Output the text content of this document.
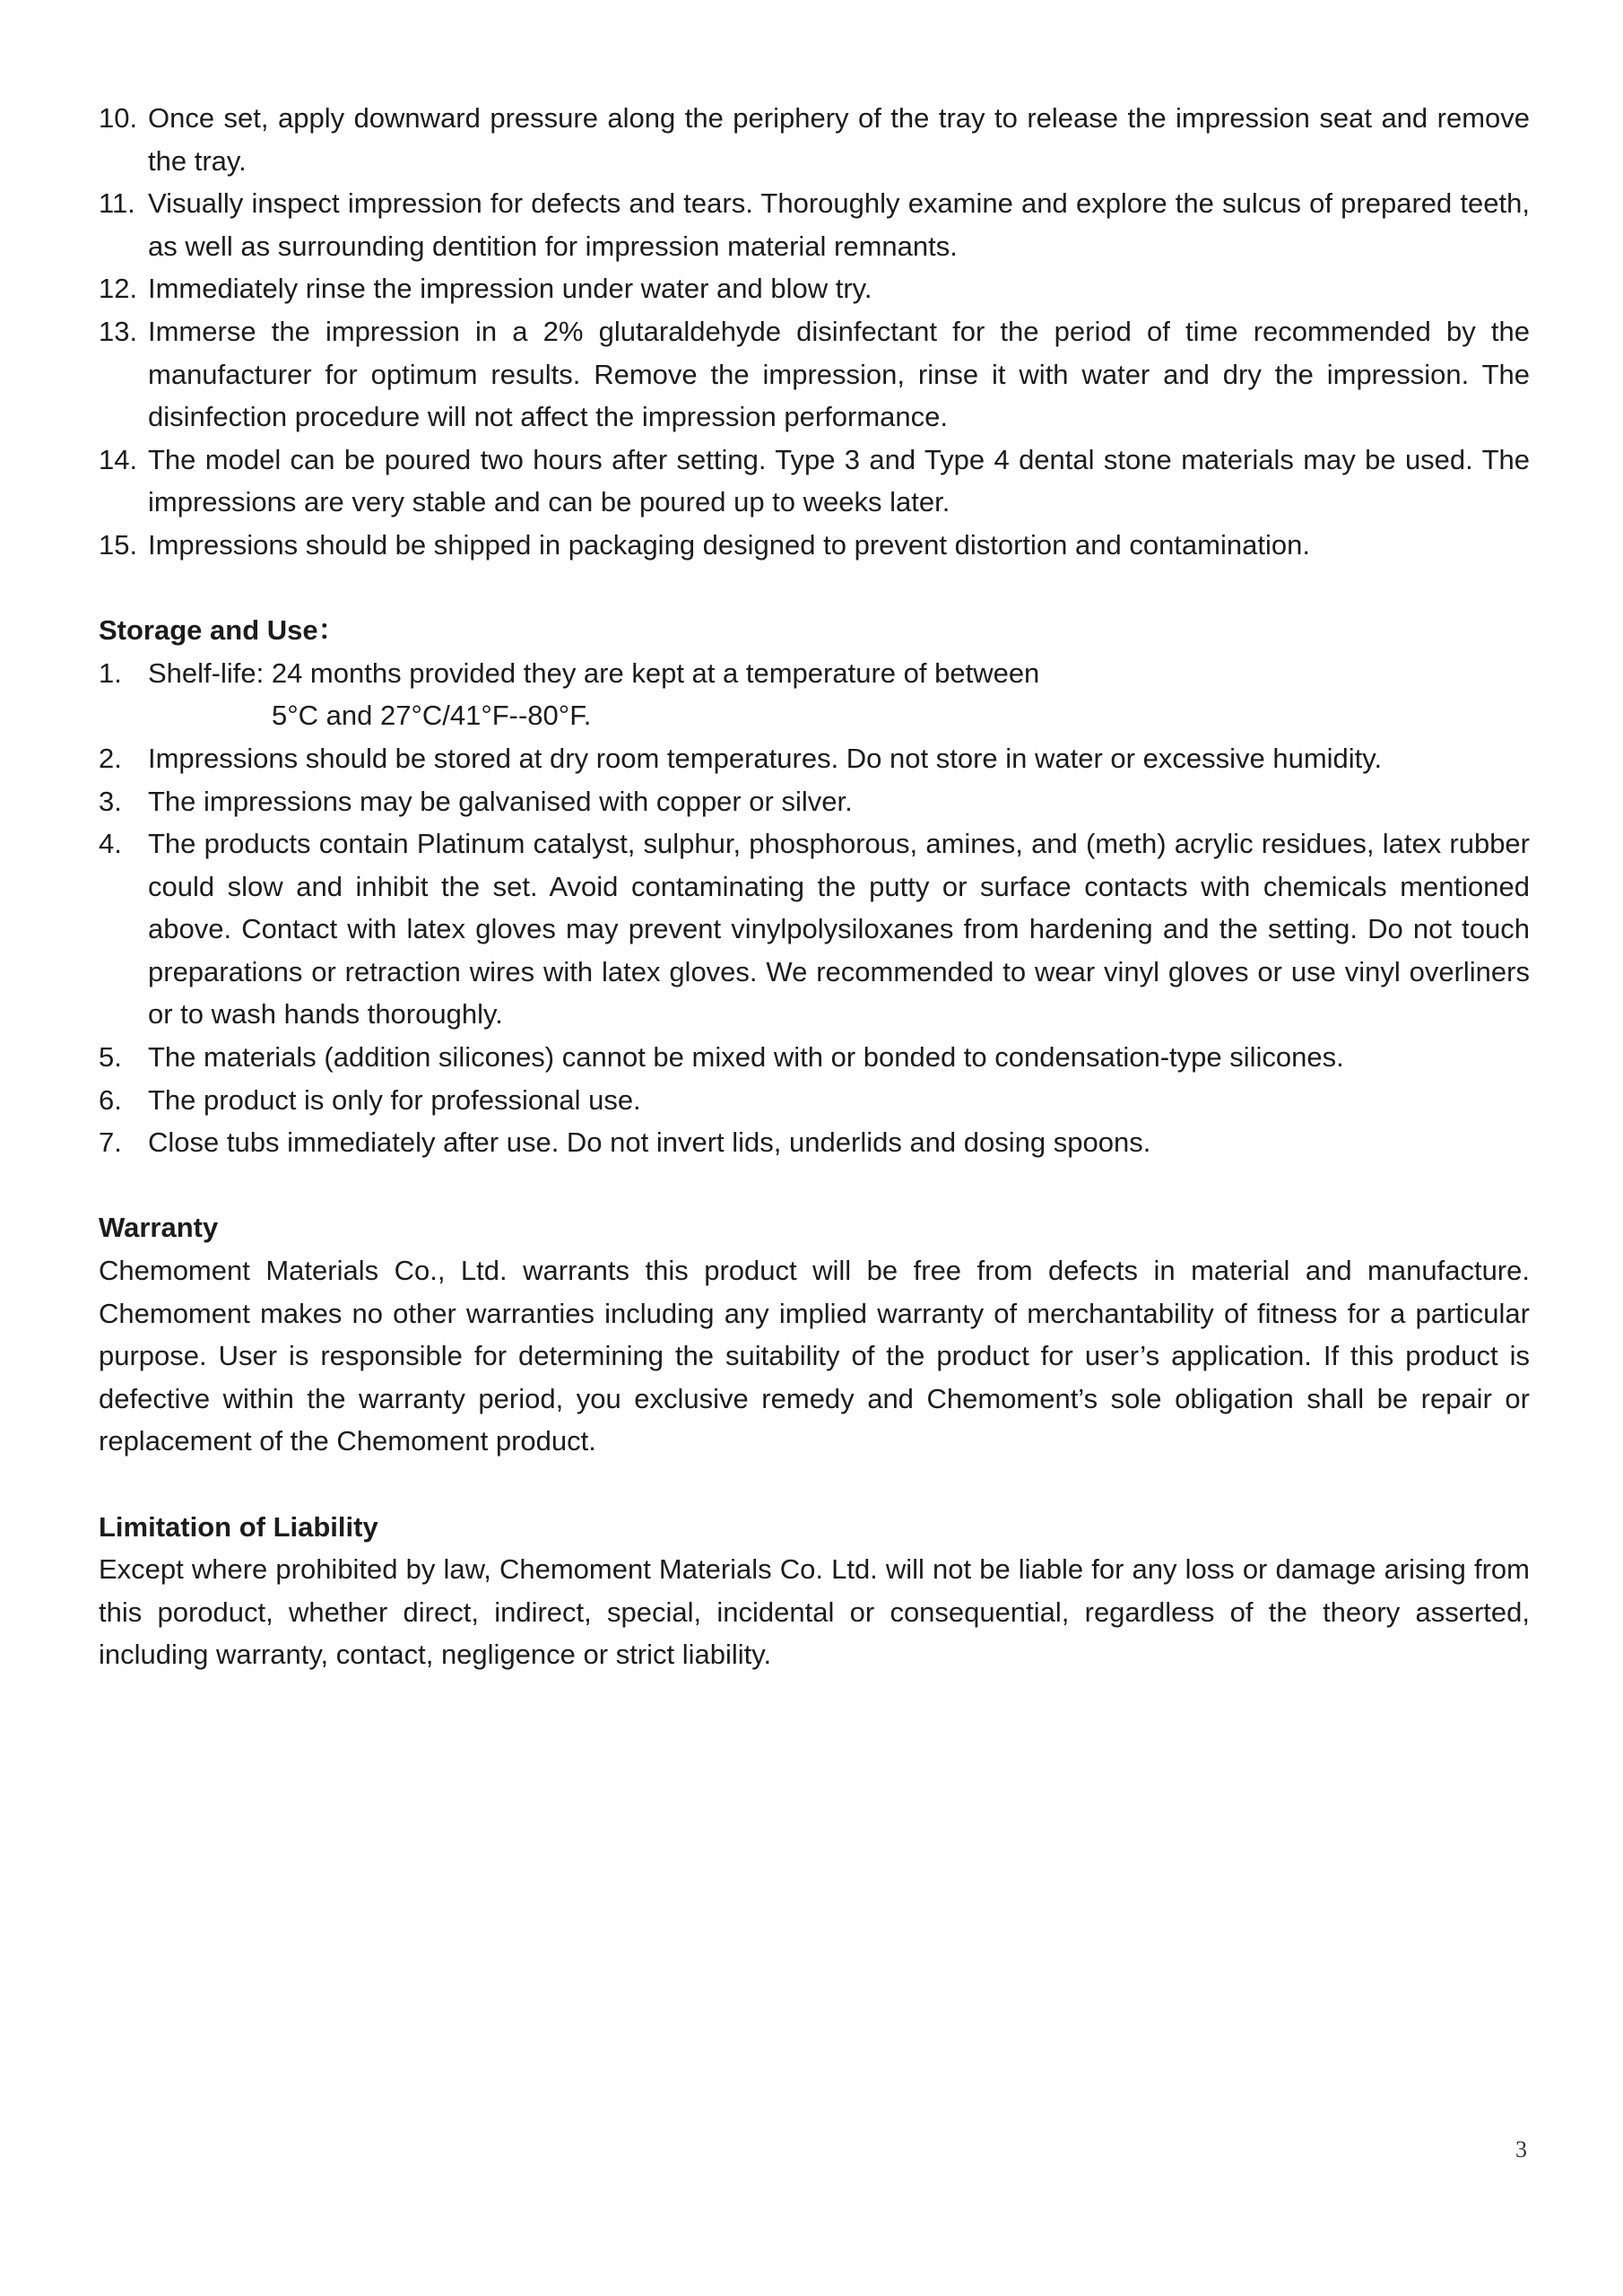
10. Once set, apply downward pressure along the periphery of the tray to release the impression seat and remove the tray.
11. Visually inspect impression for defects and tears. Thoroughly examine and explore the sulcus of prepared teeth, as well as surrounding dentition for impression material remnants.
12. Immediately rinse the impression under water and blow try.
13. Immerse the impression in a 2% glutaraldehyde disinfectant for the period of time recommended by the manufacturer for optimum results. Remove the impression, rinse it with water and dry the impression. The disinfection procedure will not affect the impression performance.
14. The model can be poured two hours after setting. Type 3 and Type 4 dental stone materials may be used. The impressions are very stable and can be poured up to weeks later.
15. Impressions should be shipped in packaging designed to prevent distortion and contamination.

Storage and Use：

1. Shelf-life: 24 months provided they are kept at a temperature of between
5°C and 27°C/41°F--80°F.
2. Impressions should be stored at dry room temperatures. Do not store in water or excessive humidity.
3. The impressions may be galvanised with copper or silver.
4. The products contain Platinum catalyst, sulphur, phosphorous, amines, and (meth) acrylic residues, latex rubber could slow and inhibit the set. Avoid contaminating the putty or surface contacts with chemicals mentioned above. Contact with latex gloves may prevent vinylpolysiloxanes from hardening and the setting. Do not touch preparations or retraction wires with latex gloves. We recommended to wear vinyl gloves or use vinyl overliners or to wash hands thoroughly.
5. The materials (addition silicones) cannot be mixed with or bonded to condensation-type silicones.
6. The product is only for professional use.
7. Close tubs immediately after use. Do not invert lids, underlids and dosing spoons.

Warranty

Chemoment Materials Co., Ltd. warrants this product will be free from defects in material and manufacture. Chemoment makes no other warranties including any implied warranty of merchantability of fitness for a particular purpose. User is responsible for determining the suitability of the product for user’s application. If this product is defective within the warranty period, you exclusive remedy and Chemoment’s sole obligation shall be repair or replacement of the Chemoment product.

Limitation of Liability

Except where prohibited by law, Chemoment Materials Co. Ltd. will not be liable for any loss or damage arising from this poroduct, whether direct, indirect, special, incidental or consequential, regardless of the theory asserted, including warranty, contact, negligence or strict liability.

3
